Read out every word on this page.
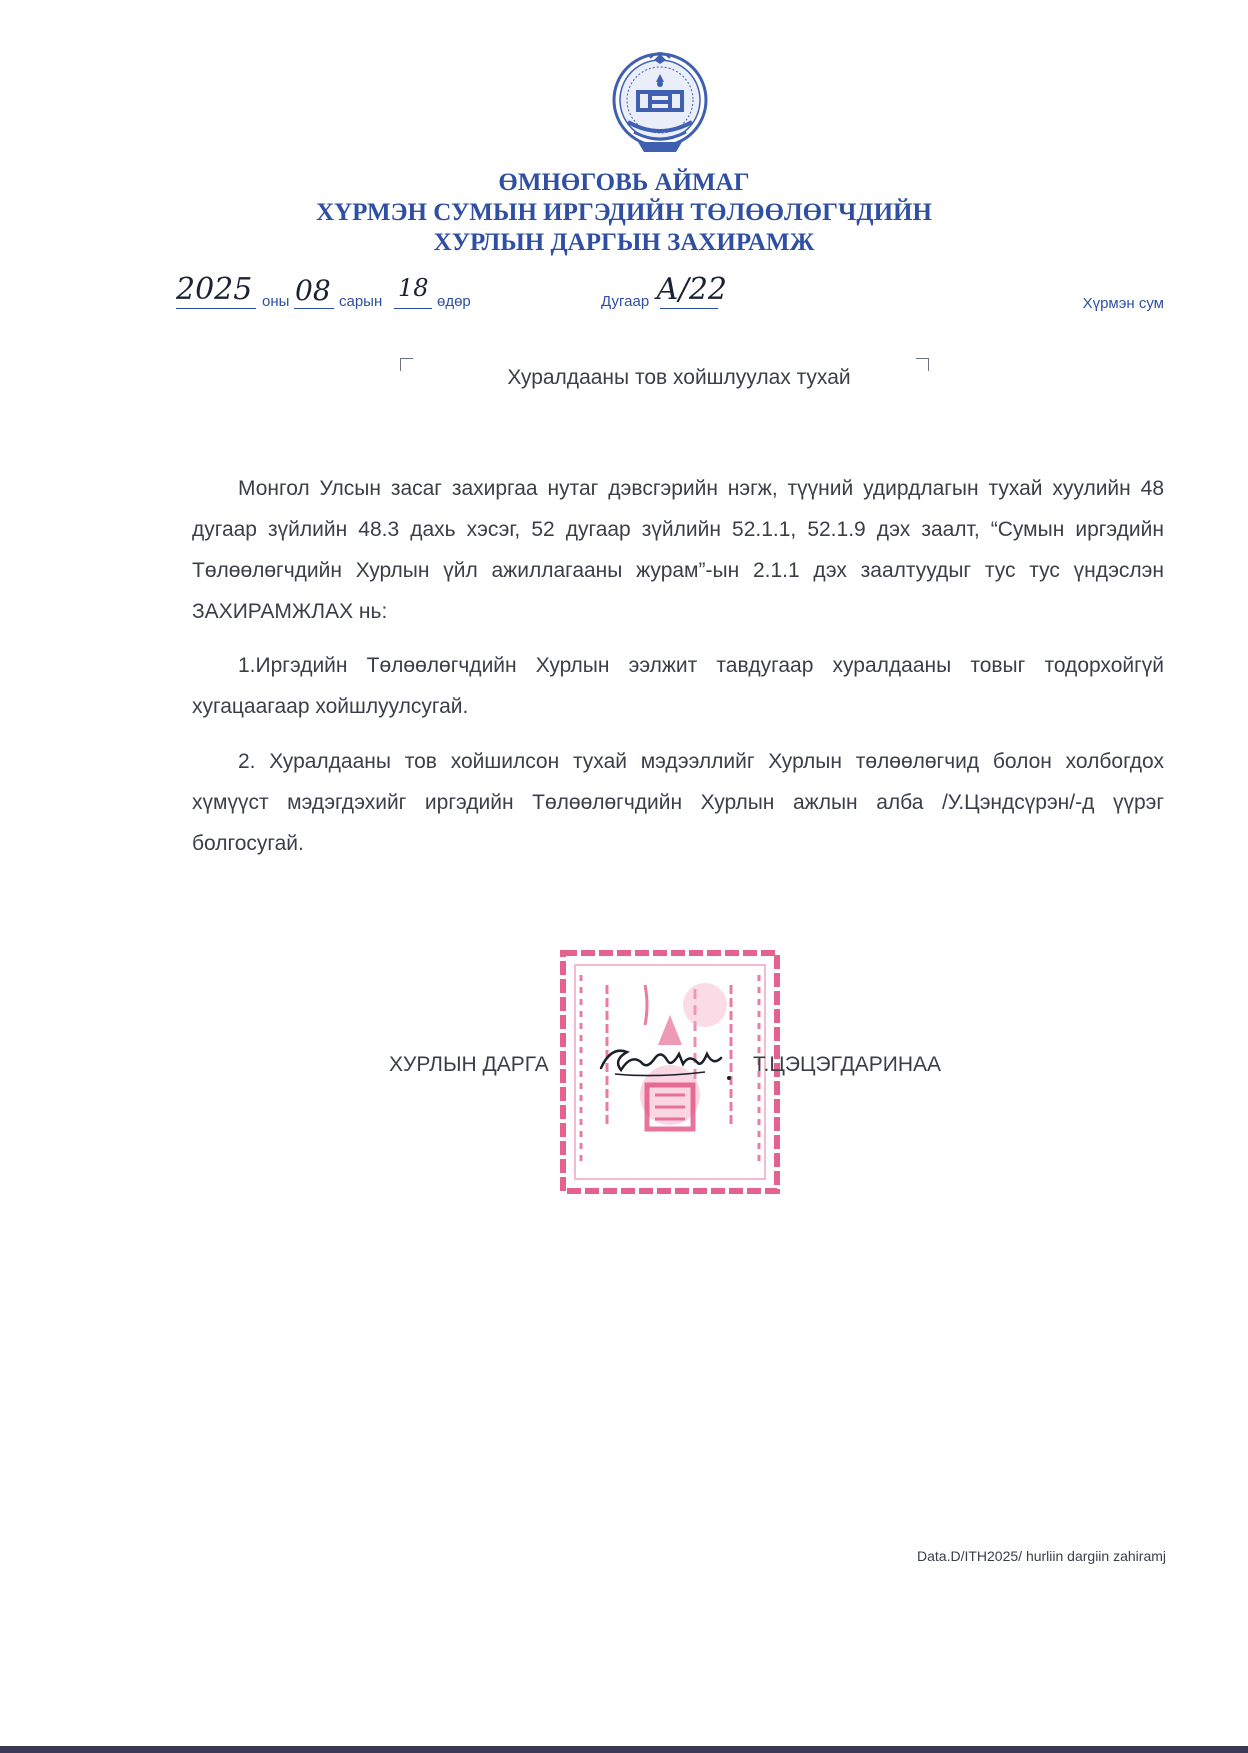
ӨМНӨГОВЬ АЙМАГ
ХҮРМЭН СУМЫН ИРГЭДИЙН ТӨЛӨӨЛӨГЧДИЙН
ХУРЛЫН ДАРГЫН ЗАХИРАМЖ
2025 оны 08 сарын 18 өдөр	Дугаар А/22	Хүрмэн сум
Хуралдааны тов хойшлуулах тухай

Монгол Улсын засаг захиргаа нутаг дэвсгэрийн нэгж, түүний удирдлагын тухай хуулийн 48 дугаар зүйлийн 48.3 дахь хэсэг, 52 дугаар зүйлийн 52.1.1, 52.1.9 дэх заалт, “Сумын иргэдийн Төлөөлөгчдийн Хурлын үйл ажиллагааны журам”-ын 2.1.1 дэх заалтуудыг тус тус үндэслэн ЗАХИРАМЖЛАХ нь:

1.Иргэдийн Төлөөлөгчдийн Хурлын ээлжит тавдугаар хуралдааны товыг тодорхойгүй хугацаагаар хойшлуулсугай.

2. Хуралдааны тов хойшилсон тухай мэдээллийг Хурлын төлөөлөгчид болон холбогдох хүмүүст мэдэгдэхийг иргэдийн Төлөөлөгчдийн Хурлын ажлын алба /У.Цэндсүрэн/-д үүрэг болгосугай.

ХУРЛЫН ДАРГА	Т.ЦЭЦЭГДАРИНАА
Data.D/ITH2025/ hurliin dargiin zahiramj
